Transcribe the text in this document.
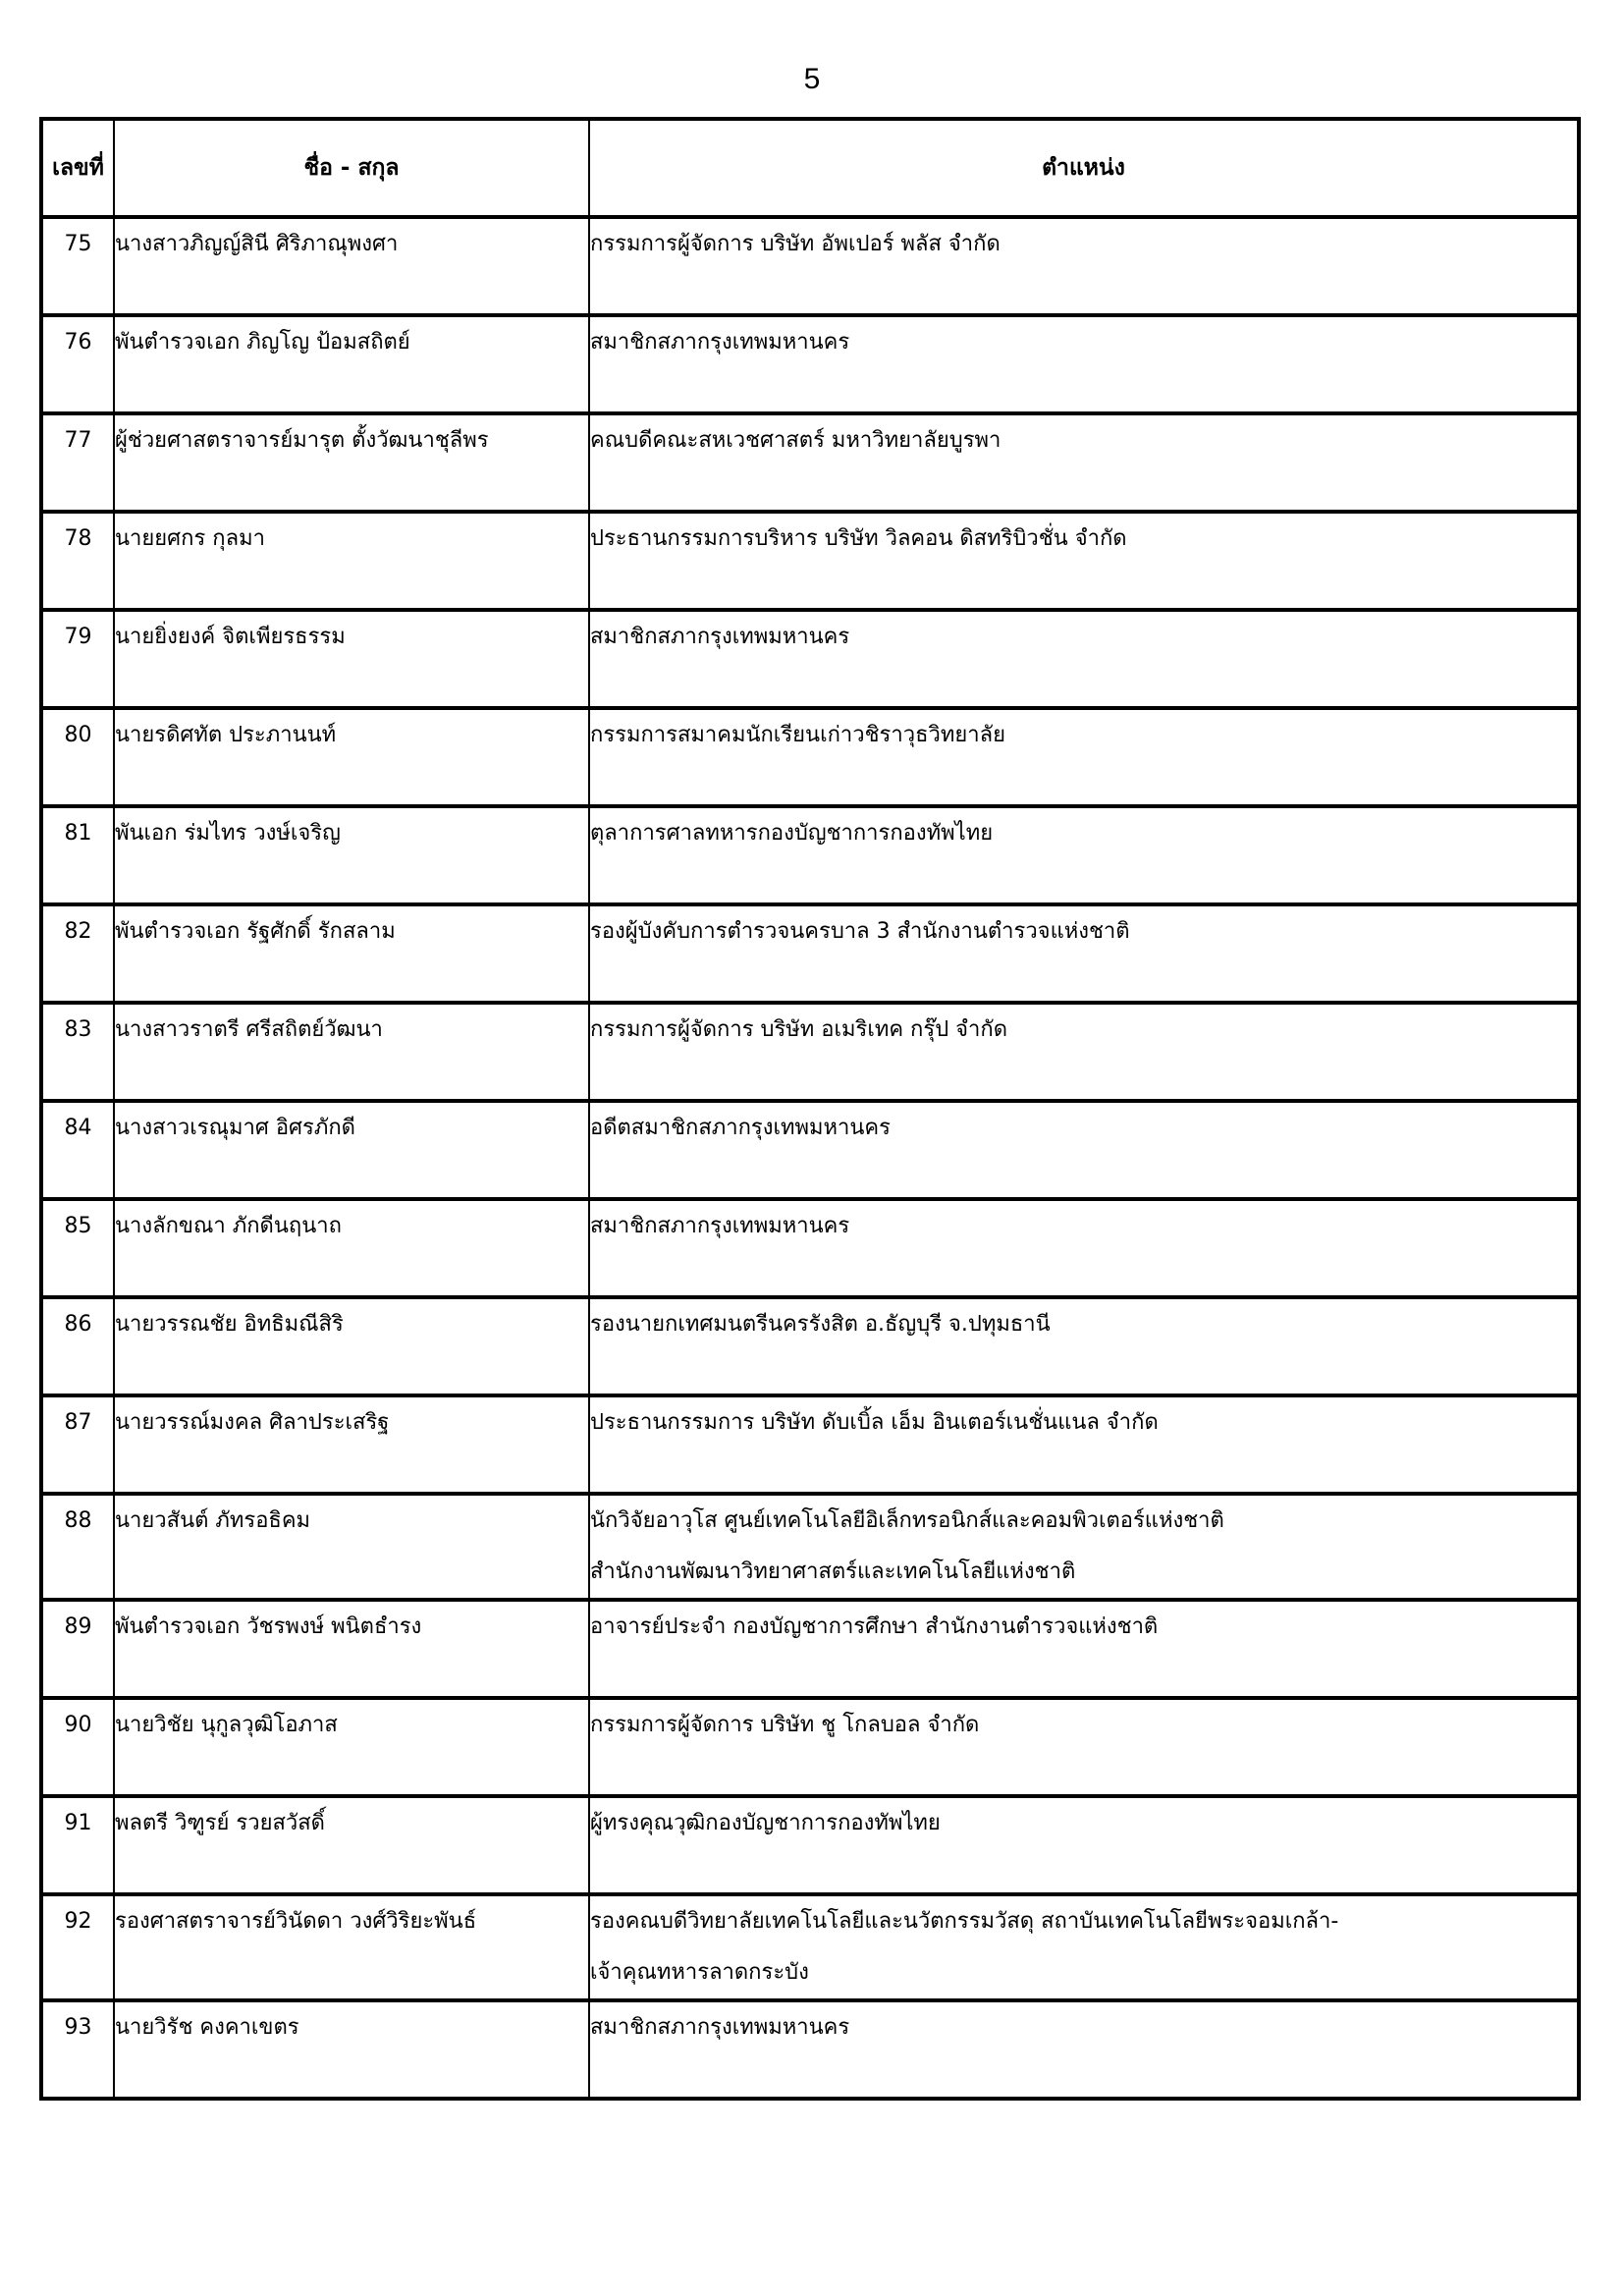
5
เลขที่	ชื่อ - สกุล	ตำแหน่ง
75	นางสาวภิญญ์สินี ศิริภาณุพงศา	กรรมการผู้จัดการ บริษัท อัพเปอร์ พลัส จำกัด

76	พันตำรวจเอก ภิญโญ ป้อมสถิตย์	สมาชิกสภากรุงเทพมหานคร

77	ผู้ช่วยศาสตราจารย์มารุต ตั้งวัฒนาชุลีพร	คณบดีคณะสหเวชศาสตร์ มหาวิทยาลัยบูรพา

78	นายยศกร กุลมา	ประธานกรรมการบริหาร บริษัท วิลคอน ดิสทริบิวชั่น จำกัด

79	นายยิ่งยงค์ จิตเพียรธรรม	สมาชิกสภากรุงเทพมหานคร

80	นายรดิศทัต ประภานนท์	กรรมการสมาคมนักเรียนเก่าวชิราวุธวิทยาลัย

81	พันเอก ร่มไทร วงษ์เจริญ	ตุลาการศาลทหารกองบัญชาการกองทัพไทย

82	พันตำรวจเอก รัฐศักดิ์ รักสลาม	รองผู้บังคับการตำรวจนครบาล 3 สำนักงานตำรวจแห่งชาติ

83	นางสาวราตรี ศรีสถิตย์วัฒนา	กรรมการผู้จัดการ บริษัท อเมริเทค กรุ๊ป จำกัด

84	นางสาวเรณุมาศ อิศรภักดี	อดีตสมาชิกสภากรุงเทพมหานคร

85	นางลักขณา ภักดีนฤนาถ	สมาชิกสภากรุงเทพมหานคร

86	นายวรรณชัย อิทธิมณีสิริ	รองนายกเทศมนตรีนครรังสิต อ.ธัญบุรี จ.ปทุมธานี

87	นายวรรณ์มงคล ศิลาประเสริฐ	ประธานกรรมการ บริษัท ดับเบิ้ล เอ็ม อินเตอร์เนชั่นแนล จำกัด

88	นายวสันต์ ภัทรอธิคม	นักวิจัยอาวุโส ศูนย์เทคโนโลยีอิเล็กทรอนิกส์และคอมพิวเตอร์แห่งชาติ
สำนักงานพัฒนาวิทยาศาสตร์และเทคโนโลยีแห่งชาติ

89	พันตำรวจเอก วัชรพงษ์ พนิตธำรง	อาจารย์ประจำ กองบัญชาการศึกษา สำนักงานตำรวจแห่งชาติ

90	นายวิชัย นุกูลวุฒิโอภาส	กรรมการผู้จัดการ บริษัท ชู โกลบอล จำกัด

91	พลตรี วิฑูรย์ รวยสวัสดิ์	ผู้ทรงคุณวุฒิกองบัญชาการกองทัพไทย

92	รองศาสตราจารย์วินัดดา วงศ์วิริยะพันธ์	รองคณบดีวิทยาลัยเทคโนโลยีและนวัตกรรมวัสดุ สถาบันเทคโนโลยีพระจอมเกล้า-
เจ้าคุณทหารลาดกระบัง

93	นายวิรัช คงคาเขตร	สมาชิกสภากรุงเทพมหานคร
